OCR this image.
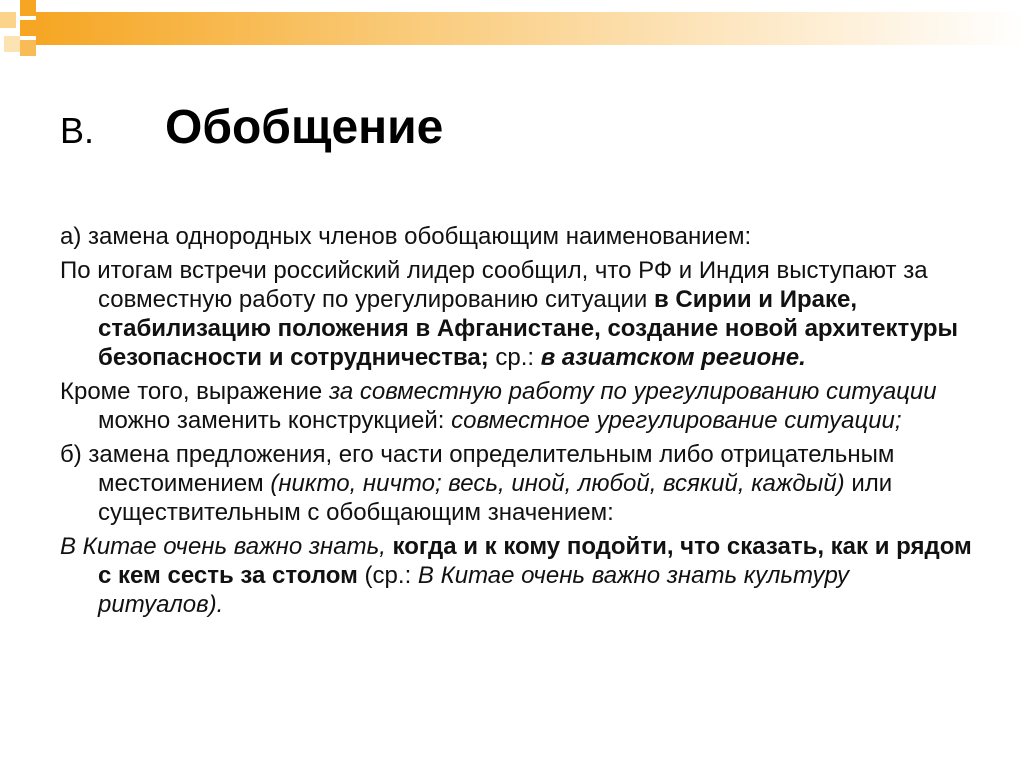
В.	Обобщение
а) замена однородных членов обобщающим наименованием:
По итогам встречи российский лидер сообщил, что РФ и Индия выступают за совместную работу по урегулированию ситуации в Сирии и Ираке, стабилизацию положения в Афганистане, создание новой архитектуры безопасности и сотрудничества; ср.: в азиатском регионе.
Кроме того, выражение за совместную работу по урегулированию ситуации можно заменить конструкцией: совместное урегулирование ситуации;
б) замена предложения, его части определительным либо отрицательным местоимением (никто, ничто; весь, иной, любой, всякий, каждый) или существительным с обобщающим значением:
В Китае очень важно знать, когда и к кому подойти, что сказать, как и рядом с кем сесть за столом (ср.: В Китае очень важно знать культуру ритуалов).
